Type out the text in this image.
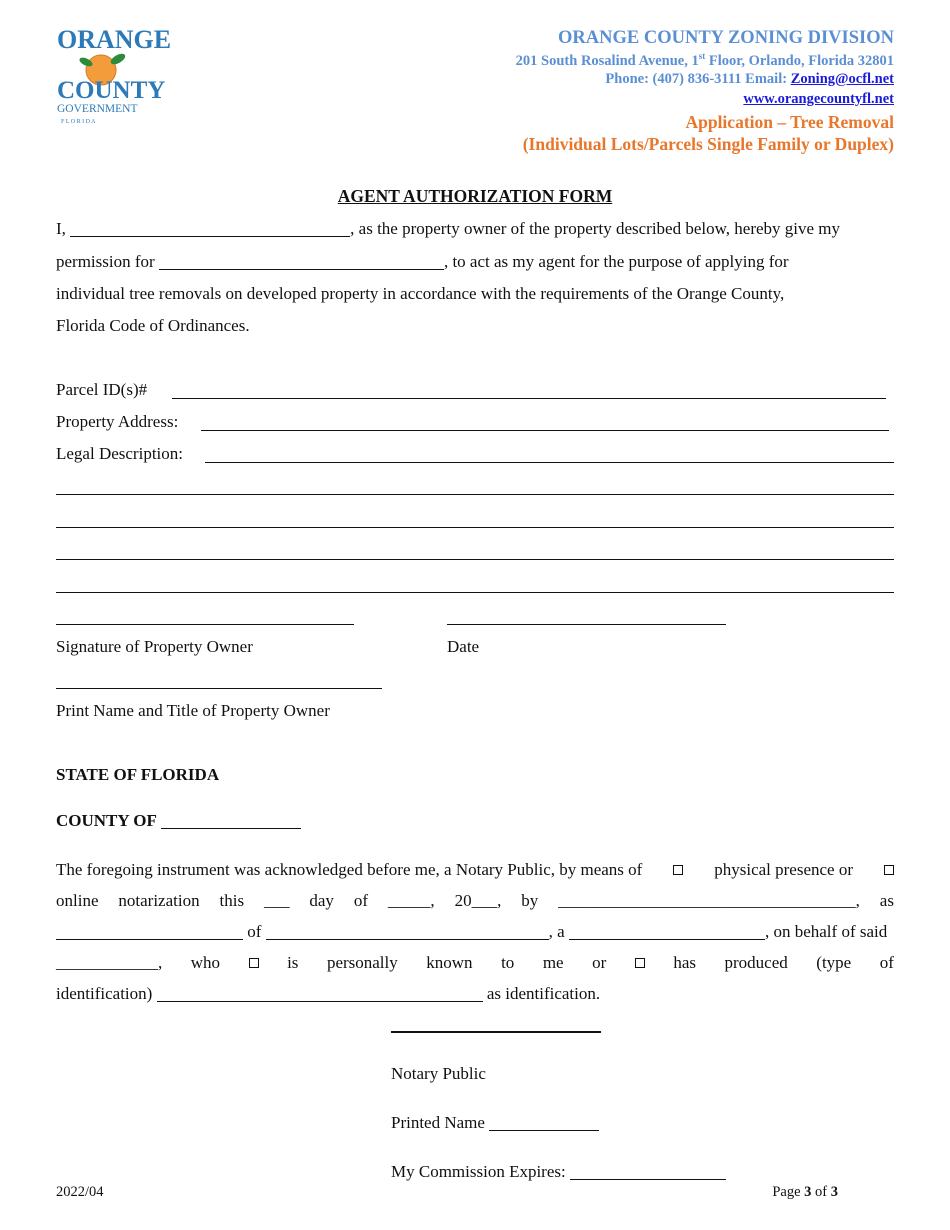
ORANGE
COUNTY
GOVERNMENT
F L O R I D A
ORANGE COUNTY ZONING DIVISION
201 South Rosalind Avenue, 1st Floor, Orlando, Florida 32801
Phone: (407) 836-3111 Email: Zoning@ocfl.net
www.orangecountyfl.net
Application – Tree Removal
(Individual Lots/Parcels Single Family or Duplex)
AGENT AUTHORIZATION FORM
I,	, as the property owner of the property described below, hereby give my
permission for	, to act as my agent for the purpose of applying for
individual tree removals on developed property in accordance with the requirements of the Orange County,
Florida Code of Ordinances.
Parcel ID(s)#
Property Address:
Legal Description:
Signature of Property Owner	Date
Print Name and Title of Property Owner
STATE OF FLORIDA
COUNTY OF
The foregoing instrument was acknowledged before me, a Notary Public, by means of	physical presence or
online notarization this ___ day of _____, 20___, by ___________________________________, as
of	, a	, on behalf of said
____________, who	is personally known to me or	has produced (type of
identification)	as identification.
Notary Public
Printed Name
My Commission Expires:
2022/04	Page 3 of 3
